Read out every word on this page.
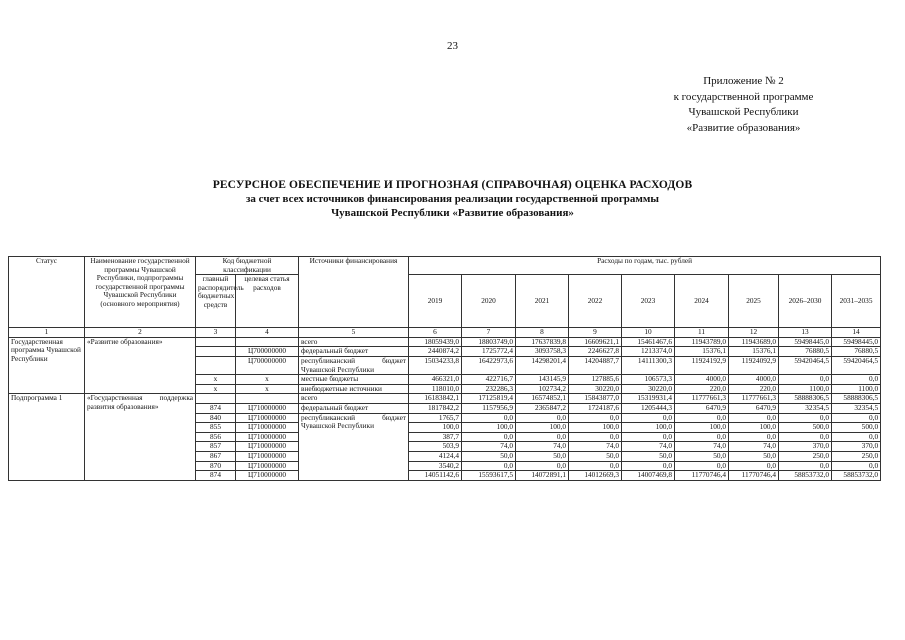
23
Приложение № 2
к государственной программе
Чувашской Республики
«Развитие образования»
РЕСУРСНОЕ ОБЕСПЕЧЕНИЕ И ПРОГНОЗНАЯ (СПРАВОЧНАЯ) ОЦЕНКА РАСХОДОВ
за счет всех источников финансирования реализации государственной программы
Чувашской Республики «Развитие образования»
Статус	Наименование государственной программы Чувашской Республики, подпрограммы государственной программы Чувашской Республики (основного мероприятия)	Код бюджетной классификации		Источники финансирования	Расходы по годам, тыс. рублей								
		главный распорядитель бюджетных средств	целевая статья расходов		2019	2020	2021	2022	2023	2024	2025	2026–2030	2031–2035
1	2	3	4	5	6	7	8	9	10	11	12	13	14
Государственная программа Чувашской Республики	«Развитие образования»			всего	18059439,0	18803749,0	17637839,8	16609621,1	15461467,6	11943789,0	11943689,0	59498445,0	59498445,0
			Ц700000000	федеральный бюджет	2440874,2	1725772,4	3093758,3	2246627,8	1213374,0	15376,1	15376,1	76880,5	76880,5
			Ц700000000	республиканский бюджет Чувашской Республики	15034233,8	16422973,6	14298201,4	14204887,7	14111300,3	11924192,9	11924092,9	59420464,5	59420464,5
		x	x	местные бюджеты	466321,0	422716,7	143145,9	127885,6	106573,3	4000,0	4000,0	0,0	0,0
		x	x	внебюджетные источники	118010,0	232286,3	102734,2	30220,0	30220,0	220,0	220,0	1100,0	1100,0
Подпрограмма 1	«Государственная поддержка развития образования»			всего	16183842,1	17125819,4	16574852,1	15843877,0	15319931,4	11777661,3	11777661,3	58888306,5	58888306,5
		874	Ц710000000	федеральный бюджет	1817842,2	1157956,9	2365847,2	1724187,6	1205444,3	6470,9	6470,9	32354,5	32354,5
		840	Ц710000000	республиканский бюджет Чувашской Республики	1765,7	0,0	0,0	0,0	0,0	0,0	0,0	0,0	0,0
		855	Ц710000000		100,0	100,0	100,0	100,0	100,0	100,0	100,0	500,0	500,0
		856	Ц710000000		387,7	0,0	0,0	0,0	0,0	0,0	0,0	0,0	0,0
		857	Ц710000000		503,9	74,0	74,0	74,0	74,0	74,0	74,0	370,0	370,0
		867	Ц710000000		4124,4	50,0	50,0	50,0	50,0	50,0	50,0	250,0	250,0
		870	Ц710000000		3540,2	0,0	0,0	0,0	0,0	0,0	0,0	0,0	0,0
		874	Ц710000000		14051142,6	15593617,5	14072891,1	14012669,3	14007469,8	11770746,4	11770746,4	58853732,0	58853732,0
